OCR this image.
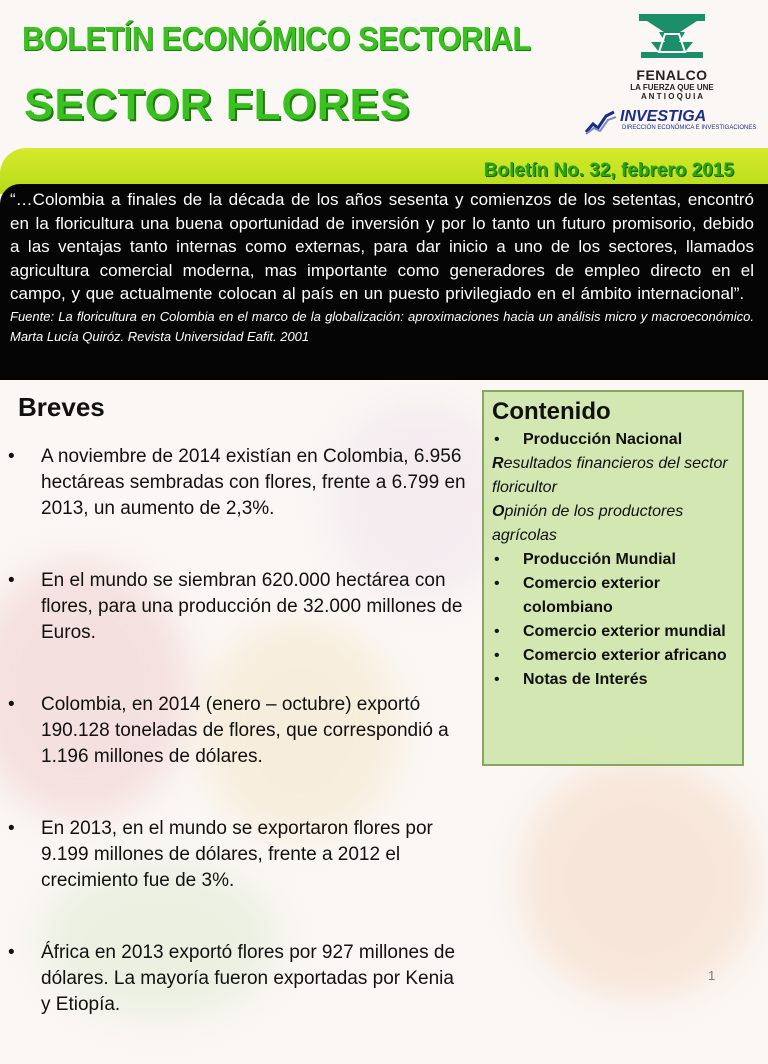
BOLETÍN ECONÓMICO SECTORIAL
SECTOR FLORES
FENALCO
LA FUERZA QUE UNE
A N T I O Q U I A
INVESTIGA
DIRECCIÓN ECONÓMICA E INVESTIGACIONES
Boletín No. 32, febrero 2015
“…Colombia a finales de la década de los años sesenta y comienzos de los setentas, encontró en la floricultura una buena oportunidad de inversión y por lo tanto un futuro promisorio, debido a las ventajas tanto internas como externas, para dar inicio a uno de los sectores, llamados agricultura comercial moderna, mas importante como generadores de empleo directo en el campo, y que actualmente colocan al país en un puesto privilegiado en el ámbito internacional”.
Fuente: La floricultura en Colombia en el marco de la globalización: aproximaciones hacia un análisis micro y macroeconómico. Marta Lucía Quiróz. Revista Universidad Eafit. 2001
Breves
• A noviembre de 2014 existían en Colombia, 6.956 hectáreas sembradas con flores, frente a 6.799 en 2013, un aumento de 2,3%.
• En el mundo se siembran 620.000 hectárea con flores, para una producción de 32.000 millones de Euros.
• Colombia, en 2014 (enero – octubre) exportó 190.128 toneladas de flores, que correspondió a 1.196 millones de dólares.
• En 2013, en el mundo se exportaron flores por 9.199 millones de dólares, frente a 2012 el crecimiento fue de 3%.
• África en 2013 exportó flores por 927 millones de dólares. La mayoría fueron exportadas por Kenia y Etiopía.
Contenido
• Producción Nacional
Resultados financieros del sector floricultor
Opinión de los productores agrícolas
• Producción Mundial
• Comercio exterior colombiano
• Comercio exterior mundial
• Comercio exterior africano
• Notas de Interés
1
